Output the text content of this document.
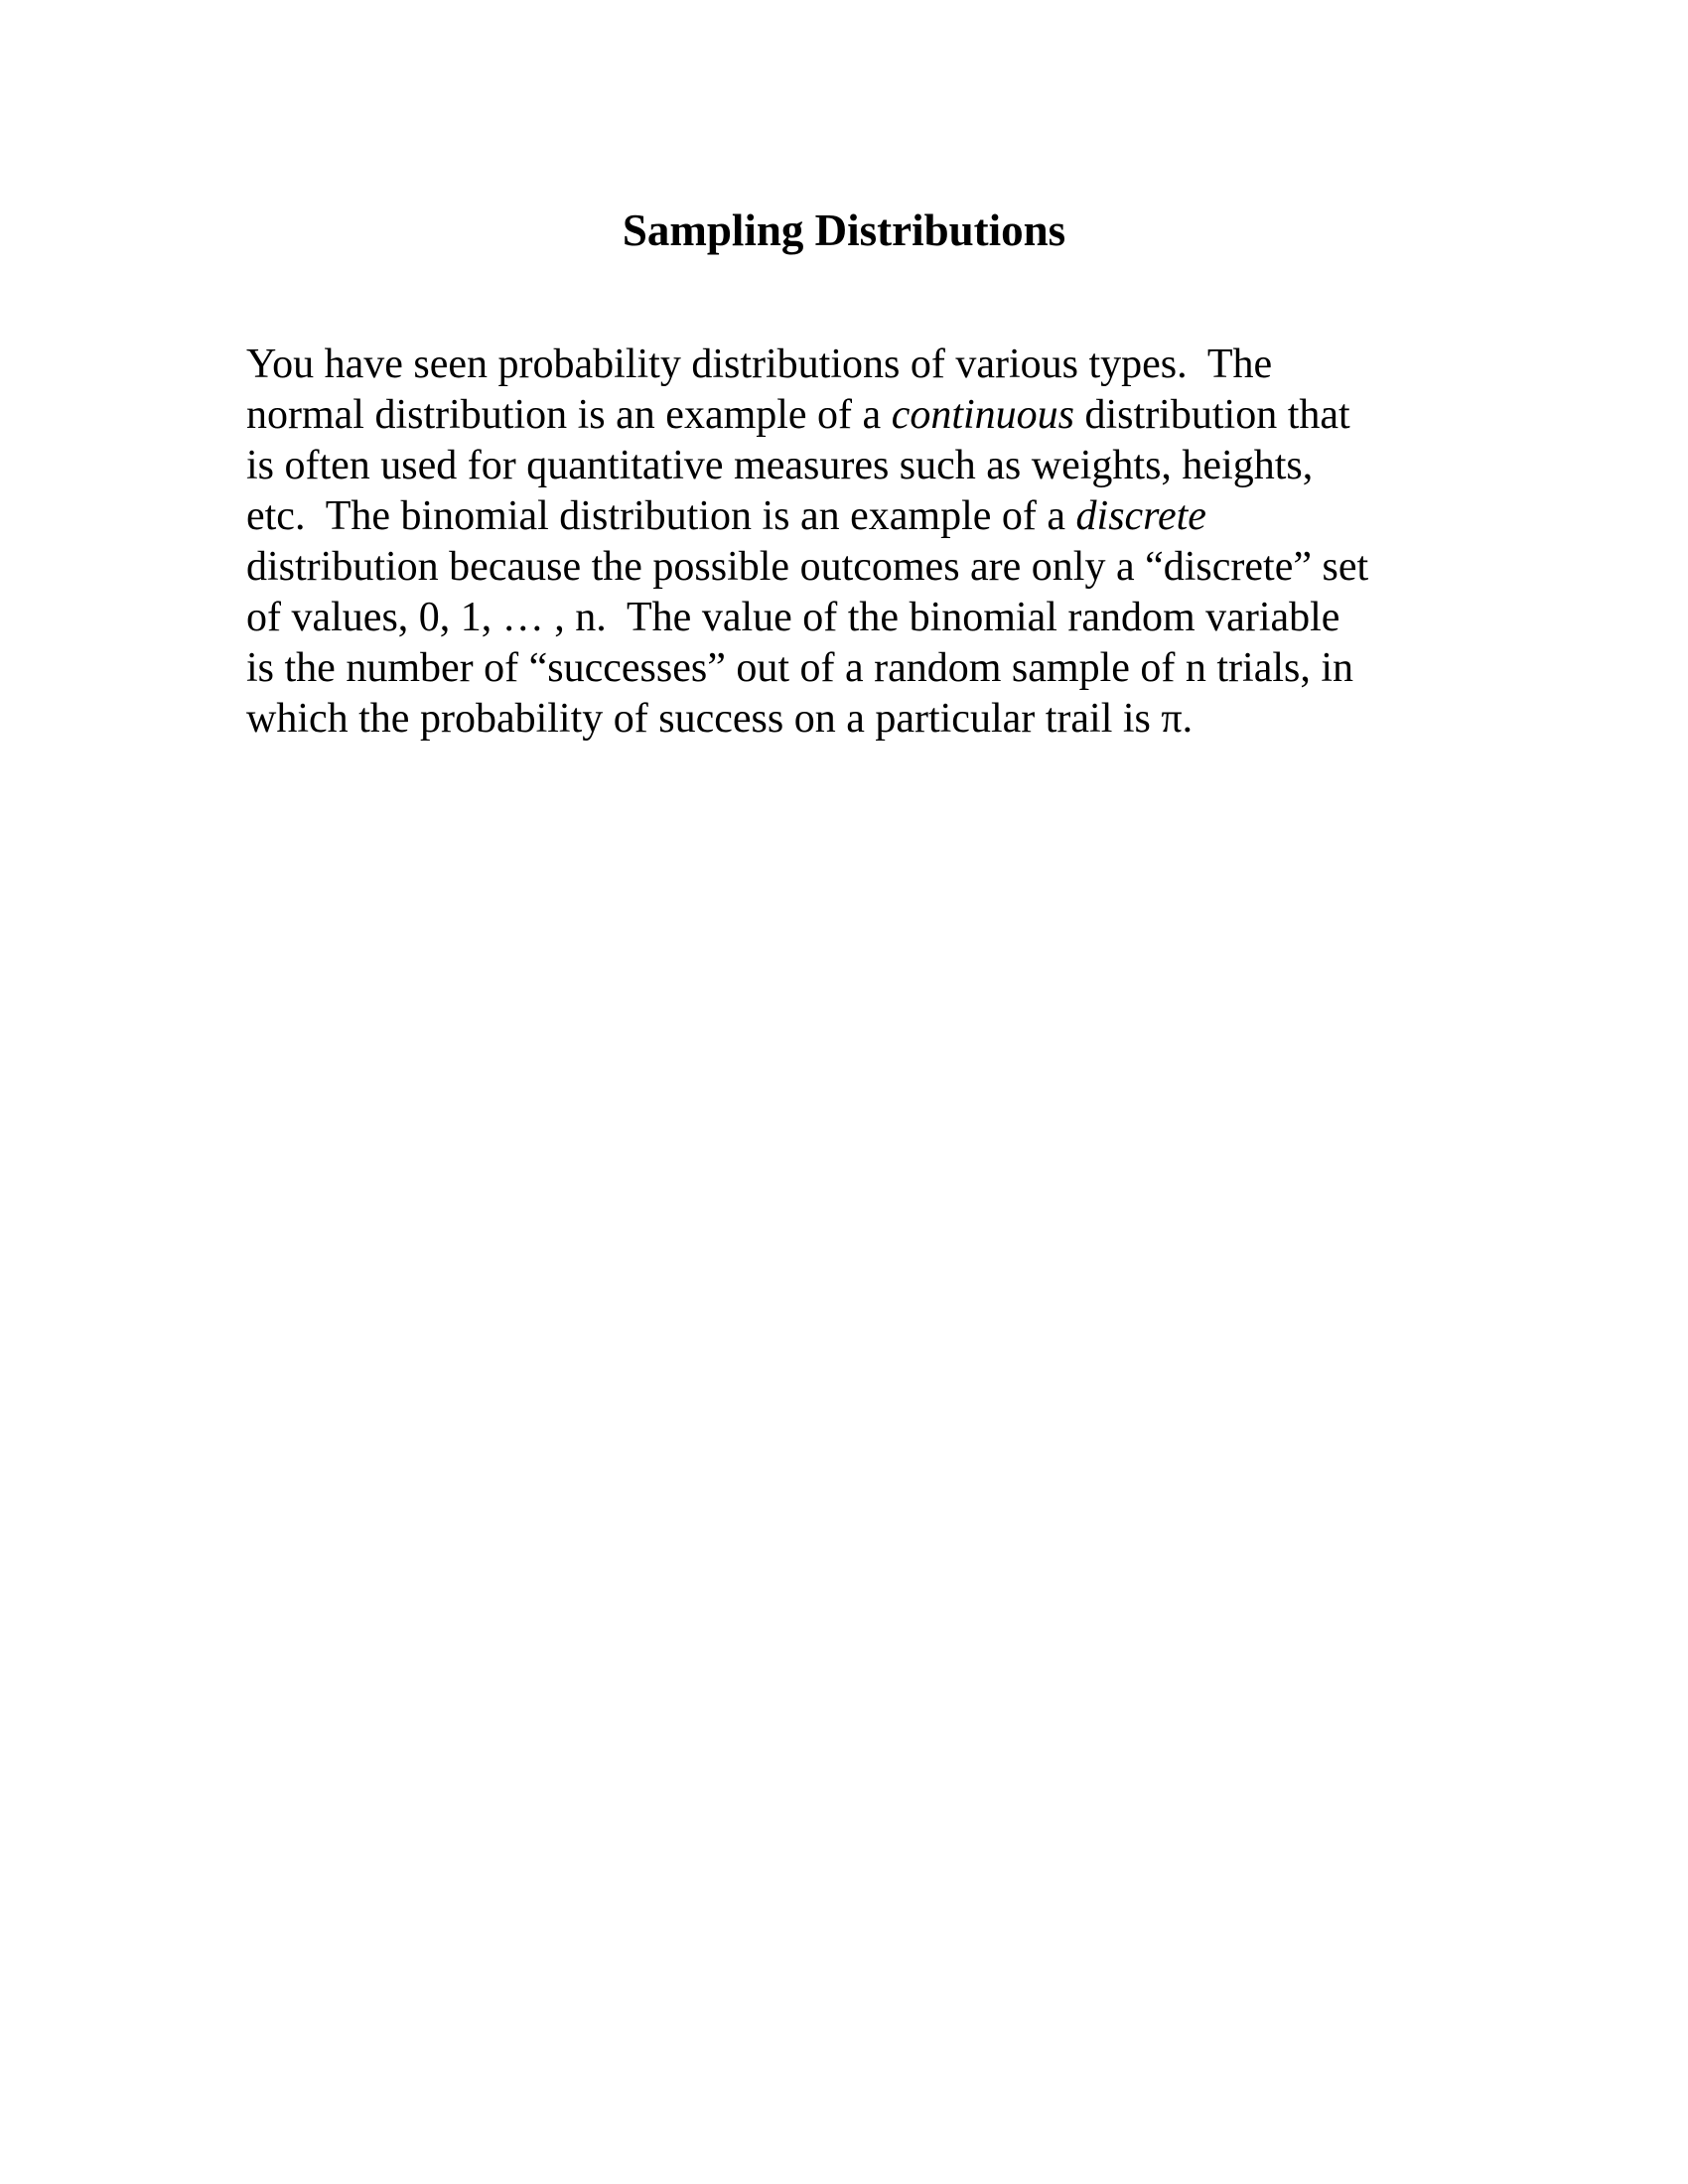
Sampling Distributions

You have seen probability distributions of various types.  The
normal distribution is an example of a continuous distribution that
is often used for quantitative measures such as weights, heights,
etc.  The binomial distribution is an example of a discrete
distribution because the possible outcomes are only a “discrete” set
of values, 0, 1, … , n.  The value of the binomial random variable
is the number of “successes” out of a random sample of n trials, in
which the probability of success on a particular trail is π.
